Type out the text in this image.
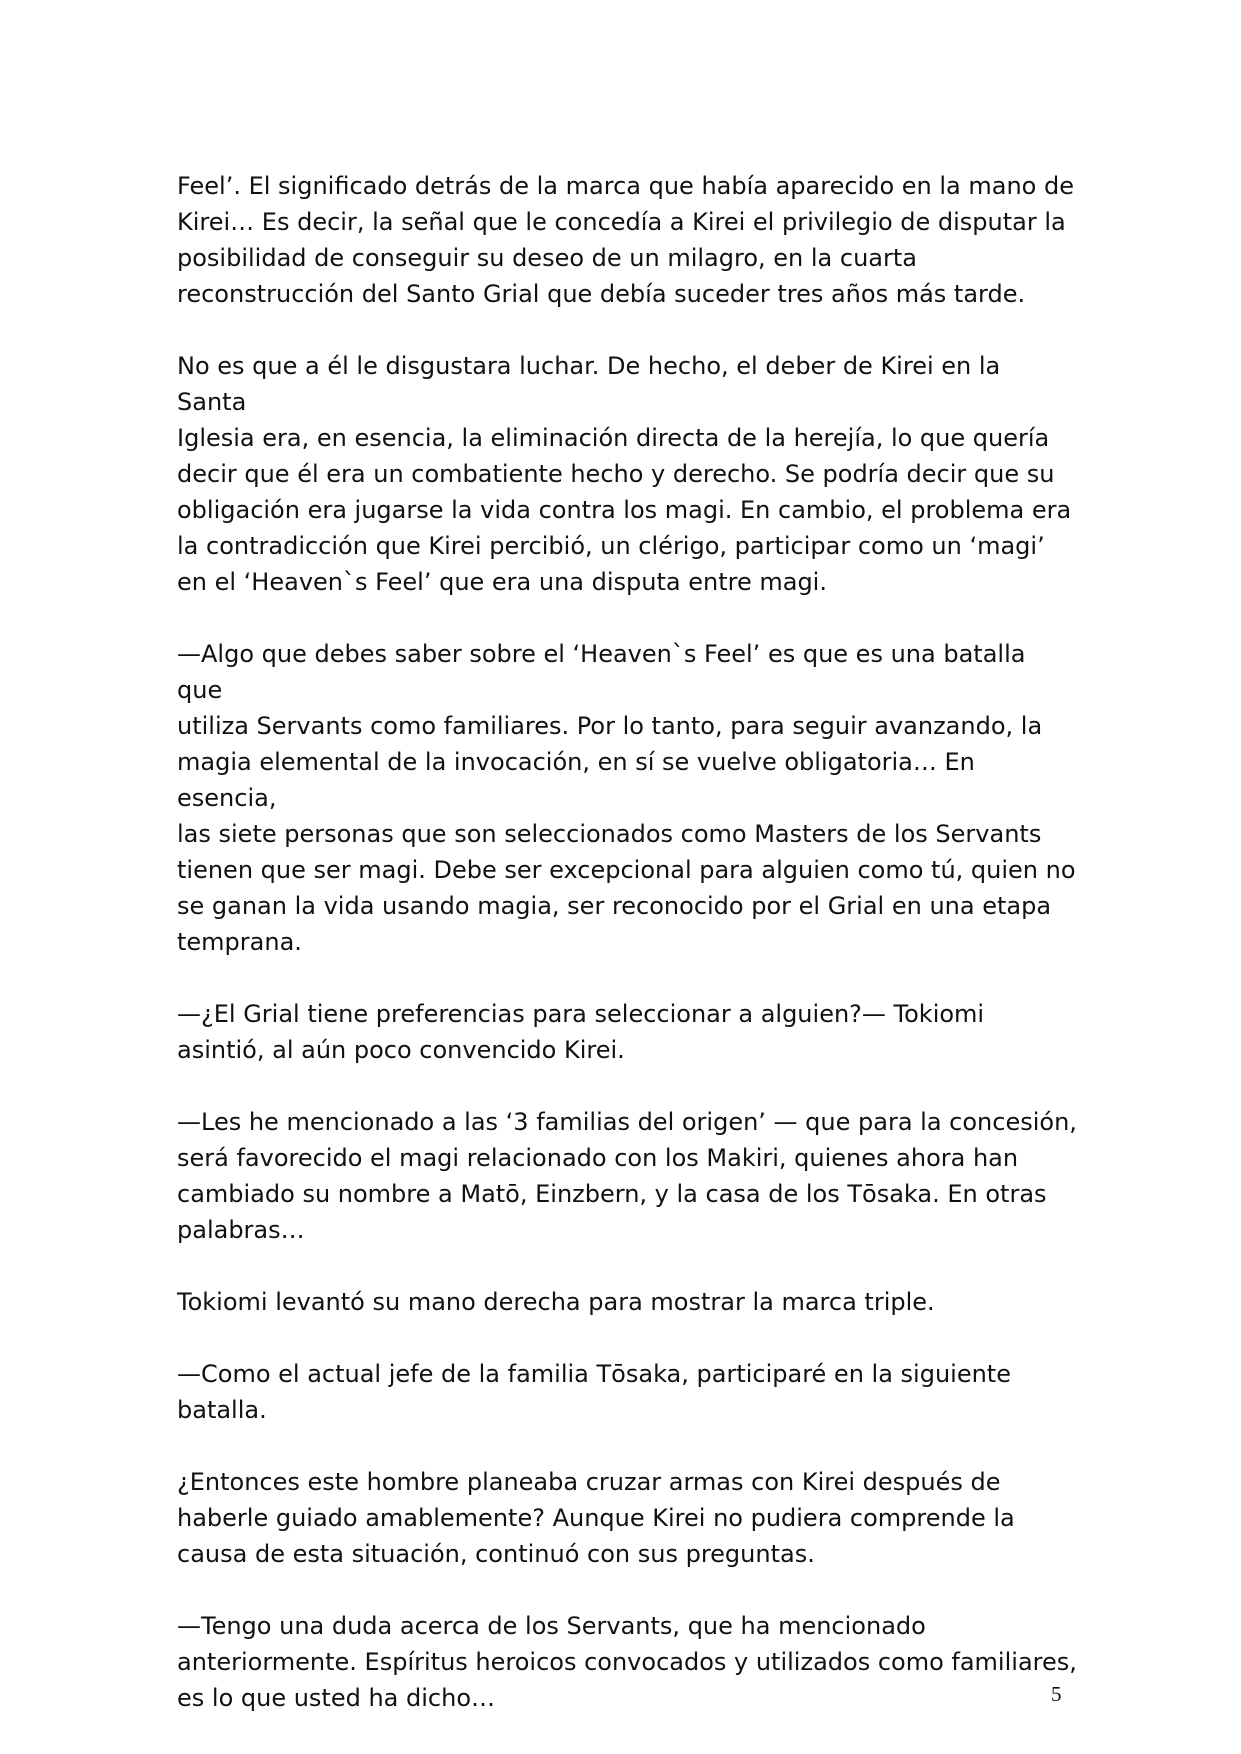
Feel’. El significado detrás de la marca que había aparecido en la mano de
Kirei… Es decir, la señal que le concedía a Kirei el privilegio de disputar la
posibilidad de conseguir su deseo de un milagro, en la cuarta
reconstrucción del Santo Grial que debía suceder tres años más tarde.

No es que a él le disgustara luchar. De hecho, el deber de Kirei en la Santa
Iglesia era, en esencia, la eliminación directa de la herejía, lo que quería
decir que él era un combatiente hecho y derecho. Se podría decir que su
obligación era jugarse la vida contra los magi. En cambio, el problema era
la contradicción que Kirei percibió, un clérigo, participar como un ‘magi’
en el ‘Heaven`s Feel’ que era una disputa entre magi.

—Algo que debes saber sobre el ‘Heaven`s Feel’ es que es una batalla que
utiliza Servants como familiares. Por lo tanto, para seguir avanzando, la
magia elemental de la invocación, en sí se vuelve obligatoria… En esencia,
las siete personas que son seleccionados como Masters de los Servants
tienen que ser magi. Debe ser excepcional para alguien como tú, quien no
se ganan la vida usando magia, ser reconocido por el Grial en una etapa
temprana.

—¿El Grial tiene preferencias para seleccionar a alguien?— Tokiomi
asintió, al aún poco convencido Kirei.

—Les he mencionado a las ‘3 familias del origen’ — que para la concesión,
será favorecido el magi relacionado con los Makiri, quienes ahora han
cambiado su nombre a Matō, Einzbern, y la casa de los Tōsaka. En otras
palabras…

Tokiomi levantó su mano derecha para mostrar la marca triple.

—Como el actual jefe de la familia Tōsaka, participaré en la siguiente
batalla.

¿Entonces este hombre planeaba cruzar armas con Kirei después de
haberle guiado amablemente? Aunque Kirei no pudiera comprende la
causa de esta situación, continuó con sus preguntas.

—Tengo una duda acerca de los Servants, que ha mencionado
anteriormente. Espíritus heroicos convocados y utilizados como familiares,
es lo que usted ha dicho…	5
